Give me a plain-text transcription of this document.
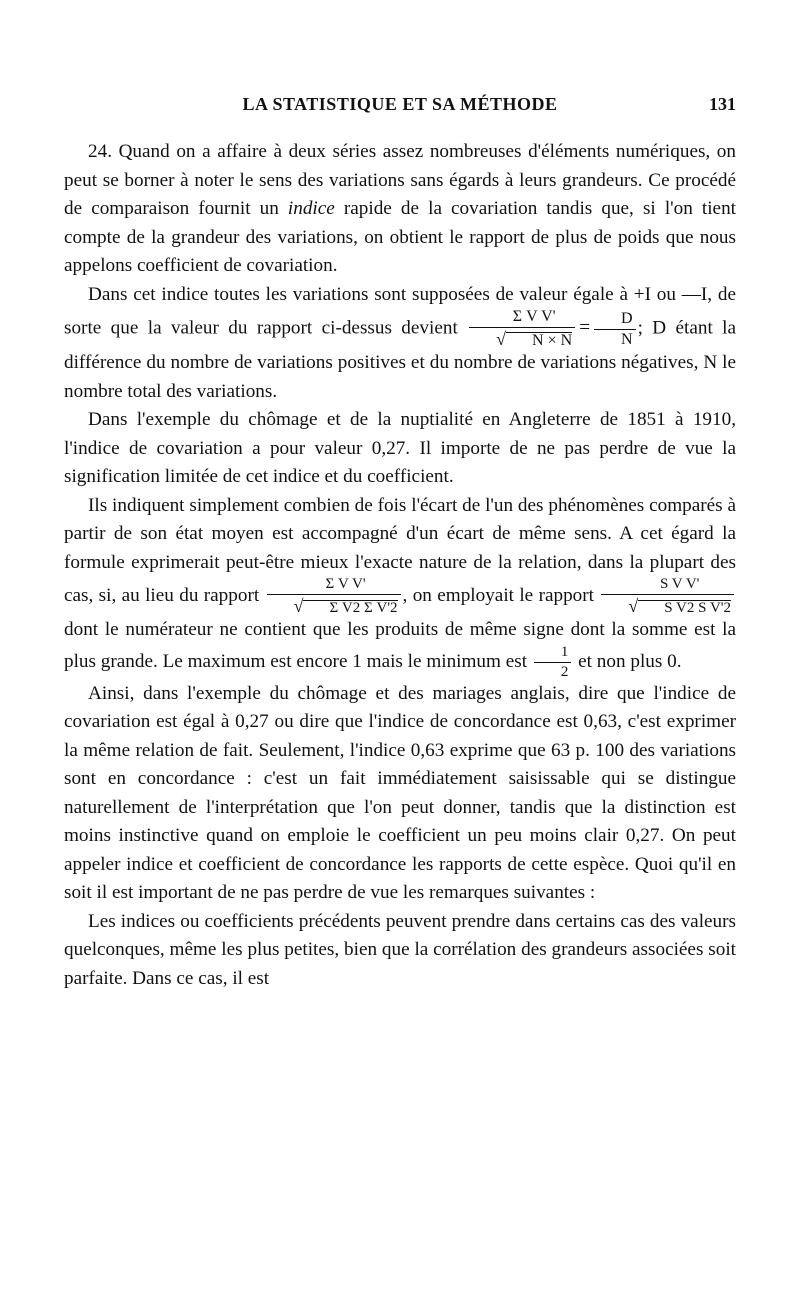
LA STATISTIQUE ET SA MÉTHODE	131

24. Quand on a affaire à deux séries assez nombreuses d'éléments numériques, on peut se borner à noter le sens des variations sans égards à leurs grandeurs. Ce procédé de comparaison fournit un indice rapide de la covariation tandis que, si l'on tient compte de la grandeur des variations, on obtient le rapport de plus de poids que nous appelons coefficient de covariation.

Dans cet indice toutes les variations sont supposées de valeur égale à +I ou —I, de sorte que la valeur du rapport ci-dessus devient $\frac{\text{Σ V V'}}{√ N \times N} = \frac{D}{N}$ ; D étant la différence du nombre de variations positives et du nombre de variations négatives, N le nombre total des variations.

Dans l'exemple du chômage et de la nuptialité en Angleterre de 1851 à 1910, l'indice de covariation a pour valeur 0,27. Il importe de ne pas perdre de vue la signification limitée de cet indice et du coefficient.

Ils indiquent simplement combien de fois l'écart de l'un des phénomènes comparés à partir de son état moyen est accompagné d'un écart de même sens. A cet égard la formule exprimerait peut-être mieux l'exacte nature de la relation, dans la plupart des cas, si, au lieu du rapport $\frac{\text{Σ V V'}}{\text{√ Σ V2 Σ V'2}}$ , on employait le rapport $\frac{\text{S V V'}}{\text{√ S V2 S V'2}}$
dont le numérateur ne contient que les produits de même signe dont la somme est la plus grande. Le maximum est encore 1 mais le minimum est $\frac{1}{2}$ et non plus 0.

Ainsi, dans l'exemple du chômage et des mariages anglais, dire que l'indice de covariation est égal à 0,27 ou dire que l'indice de concordance est 0,63, c'est exprimer la même relation de fait. Seulement, l'indice 0,63 exprime que 63 p. 100 des variations sont en concordance : c'est un fait immédiatement saisissable qui se distingue naturellement de l'interprétation que l'on peut donner, tandis que la distinction est moins instinctive quand on emploie le coefficient un peu moins clair 0,27. On peut appeler indice et coefficient de concordance les rapports de cette espèce. Quoi qu'il en soit il est important de ne pas perdre de vue les remarques suivantes :

Les indices ou coefficients précédents peuvent prendre dans certains cas des valeurs quelconques, même les plus petites, bien que la corrélation des grandeurs associées soit parfaite. Dans ce cas, il est
